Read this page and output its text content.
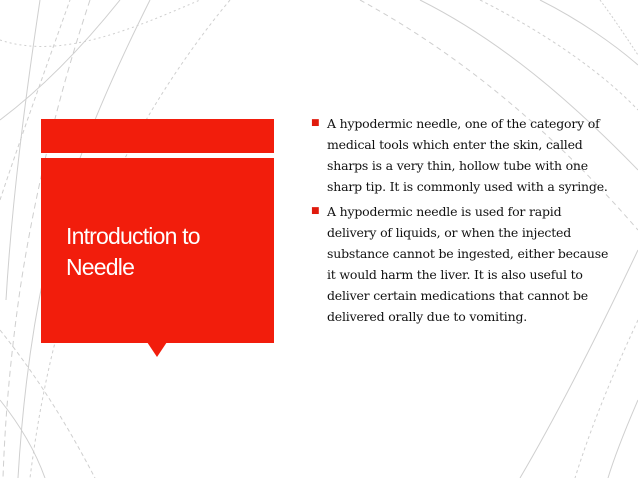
Introduction to Needle
■ A hypodermic needle, one of the category of medical tools which enter the skin, called sharps is a very thin, hollow tube with one sharp tip. It is commonly used with a syringe.
■ A hypodermic needle is used for rapid delivery of liquids, or when the injected substance cannot be ingested, either because it would harm the liver. It is also useful to deliver certain medications that cannot be delivered orally due to vomiting.
